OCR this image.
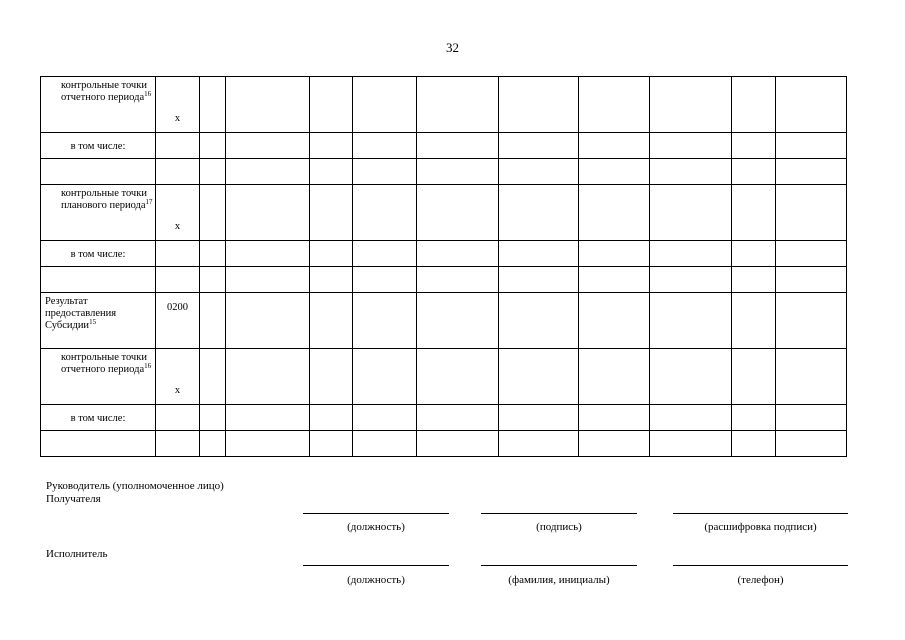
32
контрольные точки отчетного периода$^{16}$	x										
в том числе:											

контрольные точки планового периода$^{17}$	x										
в том числе:											

Результат предоставления Субсидии$^{15}$	0200										
контрольные точки отчетного периода$^{16}$	x										
в том числе:											

Руководитель (уполномоченное лицо)
Получателя
(должность)	(подпись)	(расшифровка подписи)
Исполнитель
(должность)	(фамилия, инициалы)	(телефон)
